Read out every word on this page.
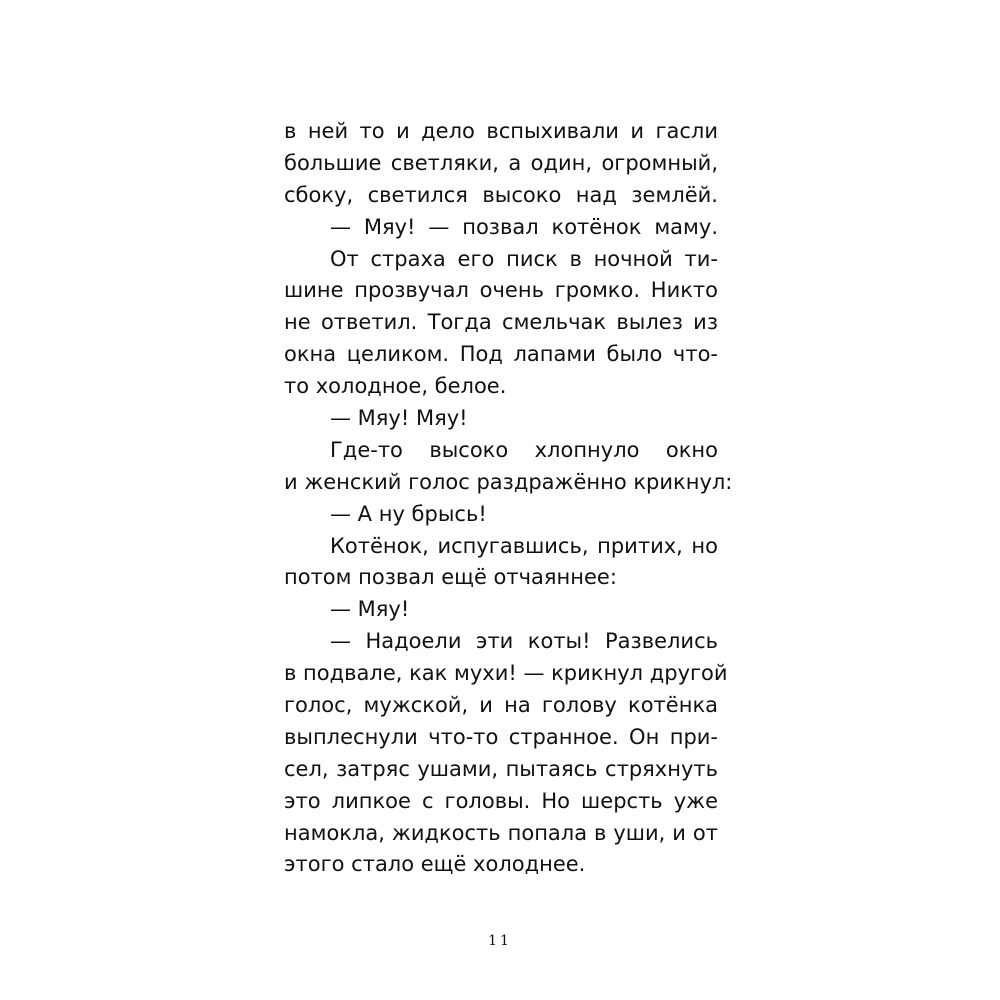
в ней то и дело вспыхивали и гасли
большие светляки, а один, огромный,
сбоку, светился высоко над землёй.
— Мяу! — позвал котёнок маму.
От страха его писк в ночной ти-
шине прозвучал очень громко. Никто
не ответил. Тогда смельчак вылез из
окна целиком. Под лапами было что-
то холодное, белое.
— Мяу! Мяу!
Где-то высоко хлопнуло окно
и женский голос раздражённо крикнул:
— А ну брысь!
Котёнок, испугавшись, притих, но
потом позвал ещё отчаяннее:
— Мяу!
— Надоели эти коты! Развелись
в подвале, как мухи! — крикнул другой
голос, мужской, и на голову котёнка
выплеснули что-то странное. Он при-
сел, затряс ушами, пытаясь стряхнуть
это липкое с головы. Но шерсть уже
намокла, жидкость попала в уши, и от
этого стало ещё холоднее.
11
